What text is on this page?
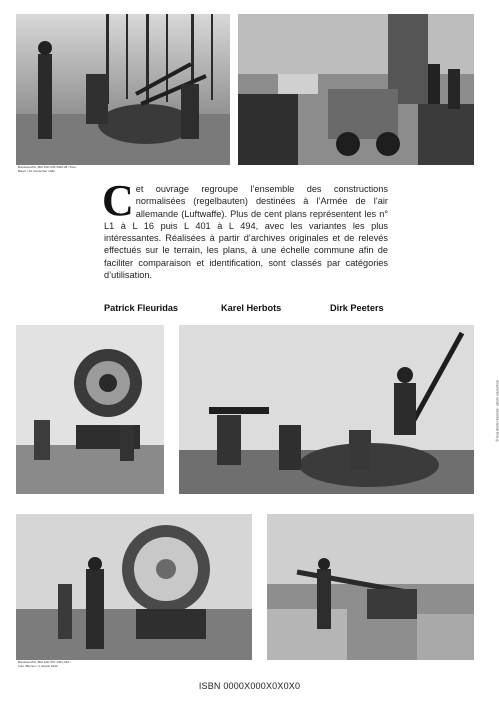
Bundesarchiv, Bild 101I-635-3992-28 / Foto: Bauer / 19. Dezember 1940
C et ouvrage regroupe l’ensemble des constructions normalisées (regelbauten) destinées à l’Armée de l’air allemande (Luftwaffe). Plus de cent plans représentent les n° L1 à L 16 puis L 401 à L 494, avec les variantes les plus intéressantes. Réalisées à partir d’archives originales et de relevés effectués sur le terrain, les plans, à une échelle commune afin de faciliter comparaison et identification, sont classés par catégories d’utilisation.
Patrick Fleuridas	Karel Herbots	Dirk Peeters
Bundesarchiv, Bild 101I-357-1051-03A / Foto: Blumen / 1 Januar 1942
© tous droits réservés · photo couverture
ISBN 0000X000X0X0X0
